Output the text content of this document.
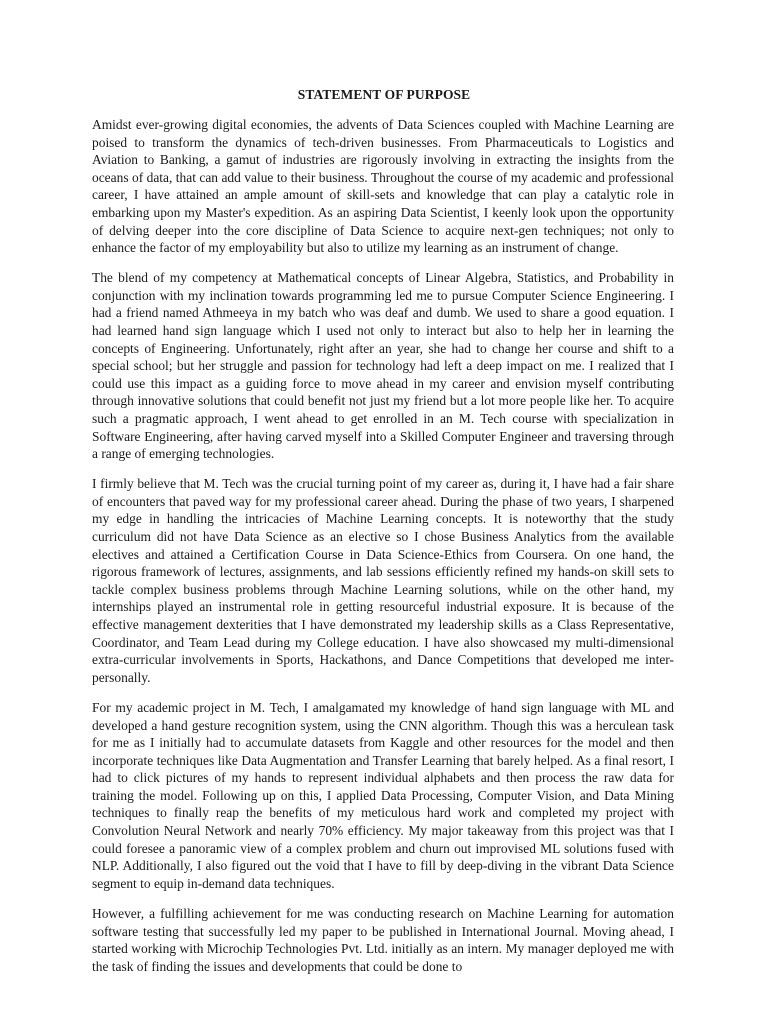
STATEMENT OF PURPOSE

Amidst ever-growing digital economies, the advents of Data Sciences coupled with Machine Learning are poised to transform the dynamics of tech-driven businesses. From Pharmaceuticals to Logistics and Aviation to Banking, a gamut of industries are rigorously involving in extracting the insights from the oceans of data, that can add value to their business. Throughout the course of my academic and professional career, I have attained an ample amount of skill-sets and knowledge that can play a catalytic role in embarking upon my Master's expedition. As an aspiring Data Scientist, I keenly look upon the opportunity of delving deeper into the core discipline of Data Science to acquire next-gen techniques; not only to enhance the factor of my employability but also to utilize my learning as an instrument of change.

The blend of my competency at Mathematical concepts of Linear Algebra, Statistics, and Probability in conjunction with my inclination towards programming led me to pursue Computer Science Engineering. I had a friend named Athmeeya in my batch who was deaf and dumb. We used to share a good equation. I had learned hand sign language which I used not only to interact but also to help her in learning the concepts of Engineering. Unfortunately, right after an year, she had to change her course and shift to a special school; but her struggle and passion for technology had left a deep impact on me. I realized that I could use this impact as a guiding force to move ahead in my career and envision myself contributing through innovative solutions that could benefit not just my friend but a lot more people like her. To acquire such a pragmatic approach, I went ahead to get enrolled in an M. Tech course with specialization in Software Engineering, after having carved myself into a Skilled Computer Engineer and traversing through a range of emerging technologies.

I firmly believe that M. Tech was the crucial turning point of my career as, during it, I have had a fair share of encounters that paved way for my professional career ahead. During the phase of two years, I sharpened my edge in handling the intricacies of Machine Learning concepts. It is noteworthy that the study curriculum did not have Data Science as an elective so I chose Business Analytics from the available electives and attained a Certification Course in Data Science-Ethics from Coursera. On one hand, the rigorous framework of lectures, assignments, and lab sessions efficiently refined my hands-on skill sets to tackle complex business problems through Machine Learning solutions, while on the other hand, my internships played an instrumental role in getting resourceful industrial exposure. It is because of the effective management dexterities that I have demonstrated my leadership skills as a Class Representative, Coordinator, and Team Lead during my College education. I have also showcased my multi-dimensional extra-curricular involvements in Sports, Hackathons, and Dance Competitions that developed me inter-personally.

For my academic project in M. Tech, I amalgamated my knowledge of hand sign language with ML and developed a hand gesture recognition system, using the CNN algorithm. Though this was a herculean task for me as I initially had to accumulate datasets from Kaggle and other resources for the model and then incorporate techniques like Data Augmentation and Transfer Learning that barely helped. As a final resort, I had to click pictures of my hands to represent individual alphabets and then process the raw data for training the model. Following up on this, I applied Data Processing, Computer Vision, and Data Mining techniques to finally reap the benefits of my meticulous hard work and completed my project with Convolution Neural Network and nearly 70% efficiency. My major takeaway from this project was that I could foresee a panoramic view of a complex problem and churn out improvised ML solutions fused with NLP. Additionally, I also figured out the void that I have to fill by deep-diving in the vibrant Data Science segment to equip in-demand data techniques.

However, a fulfilling achievement for me was conducting research on Machine Learning for automation software testing that successfully led my paper to be published in International Journal. Moving ahead, I started working with Microchip Technologies Pvt. Ltd. initially as an intern. My manager deployed me with the task of finding the issues and developments that could be done to
